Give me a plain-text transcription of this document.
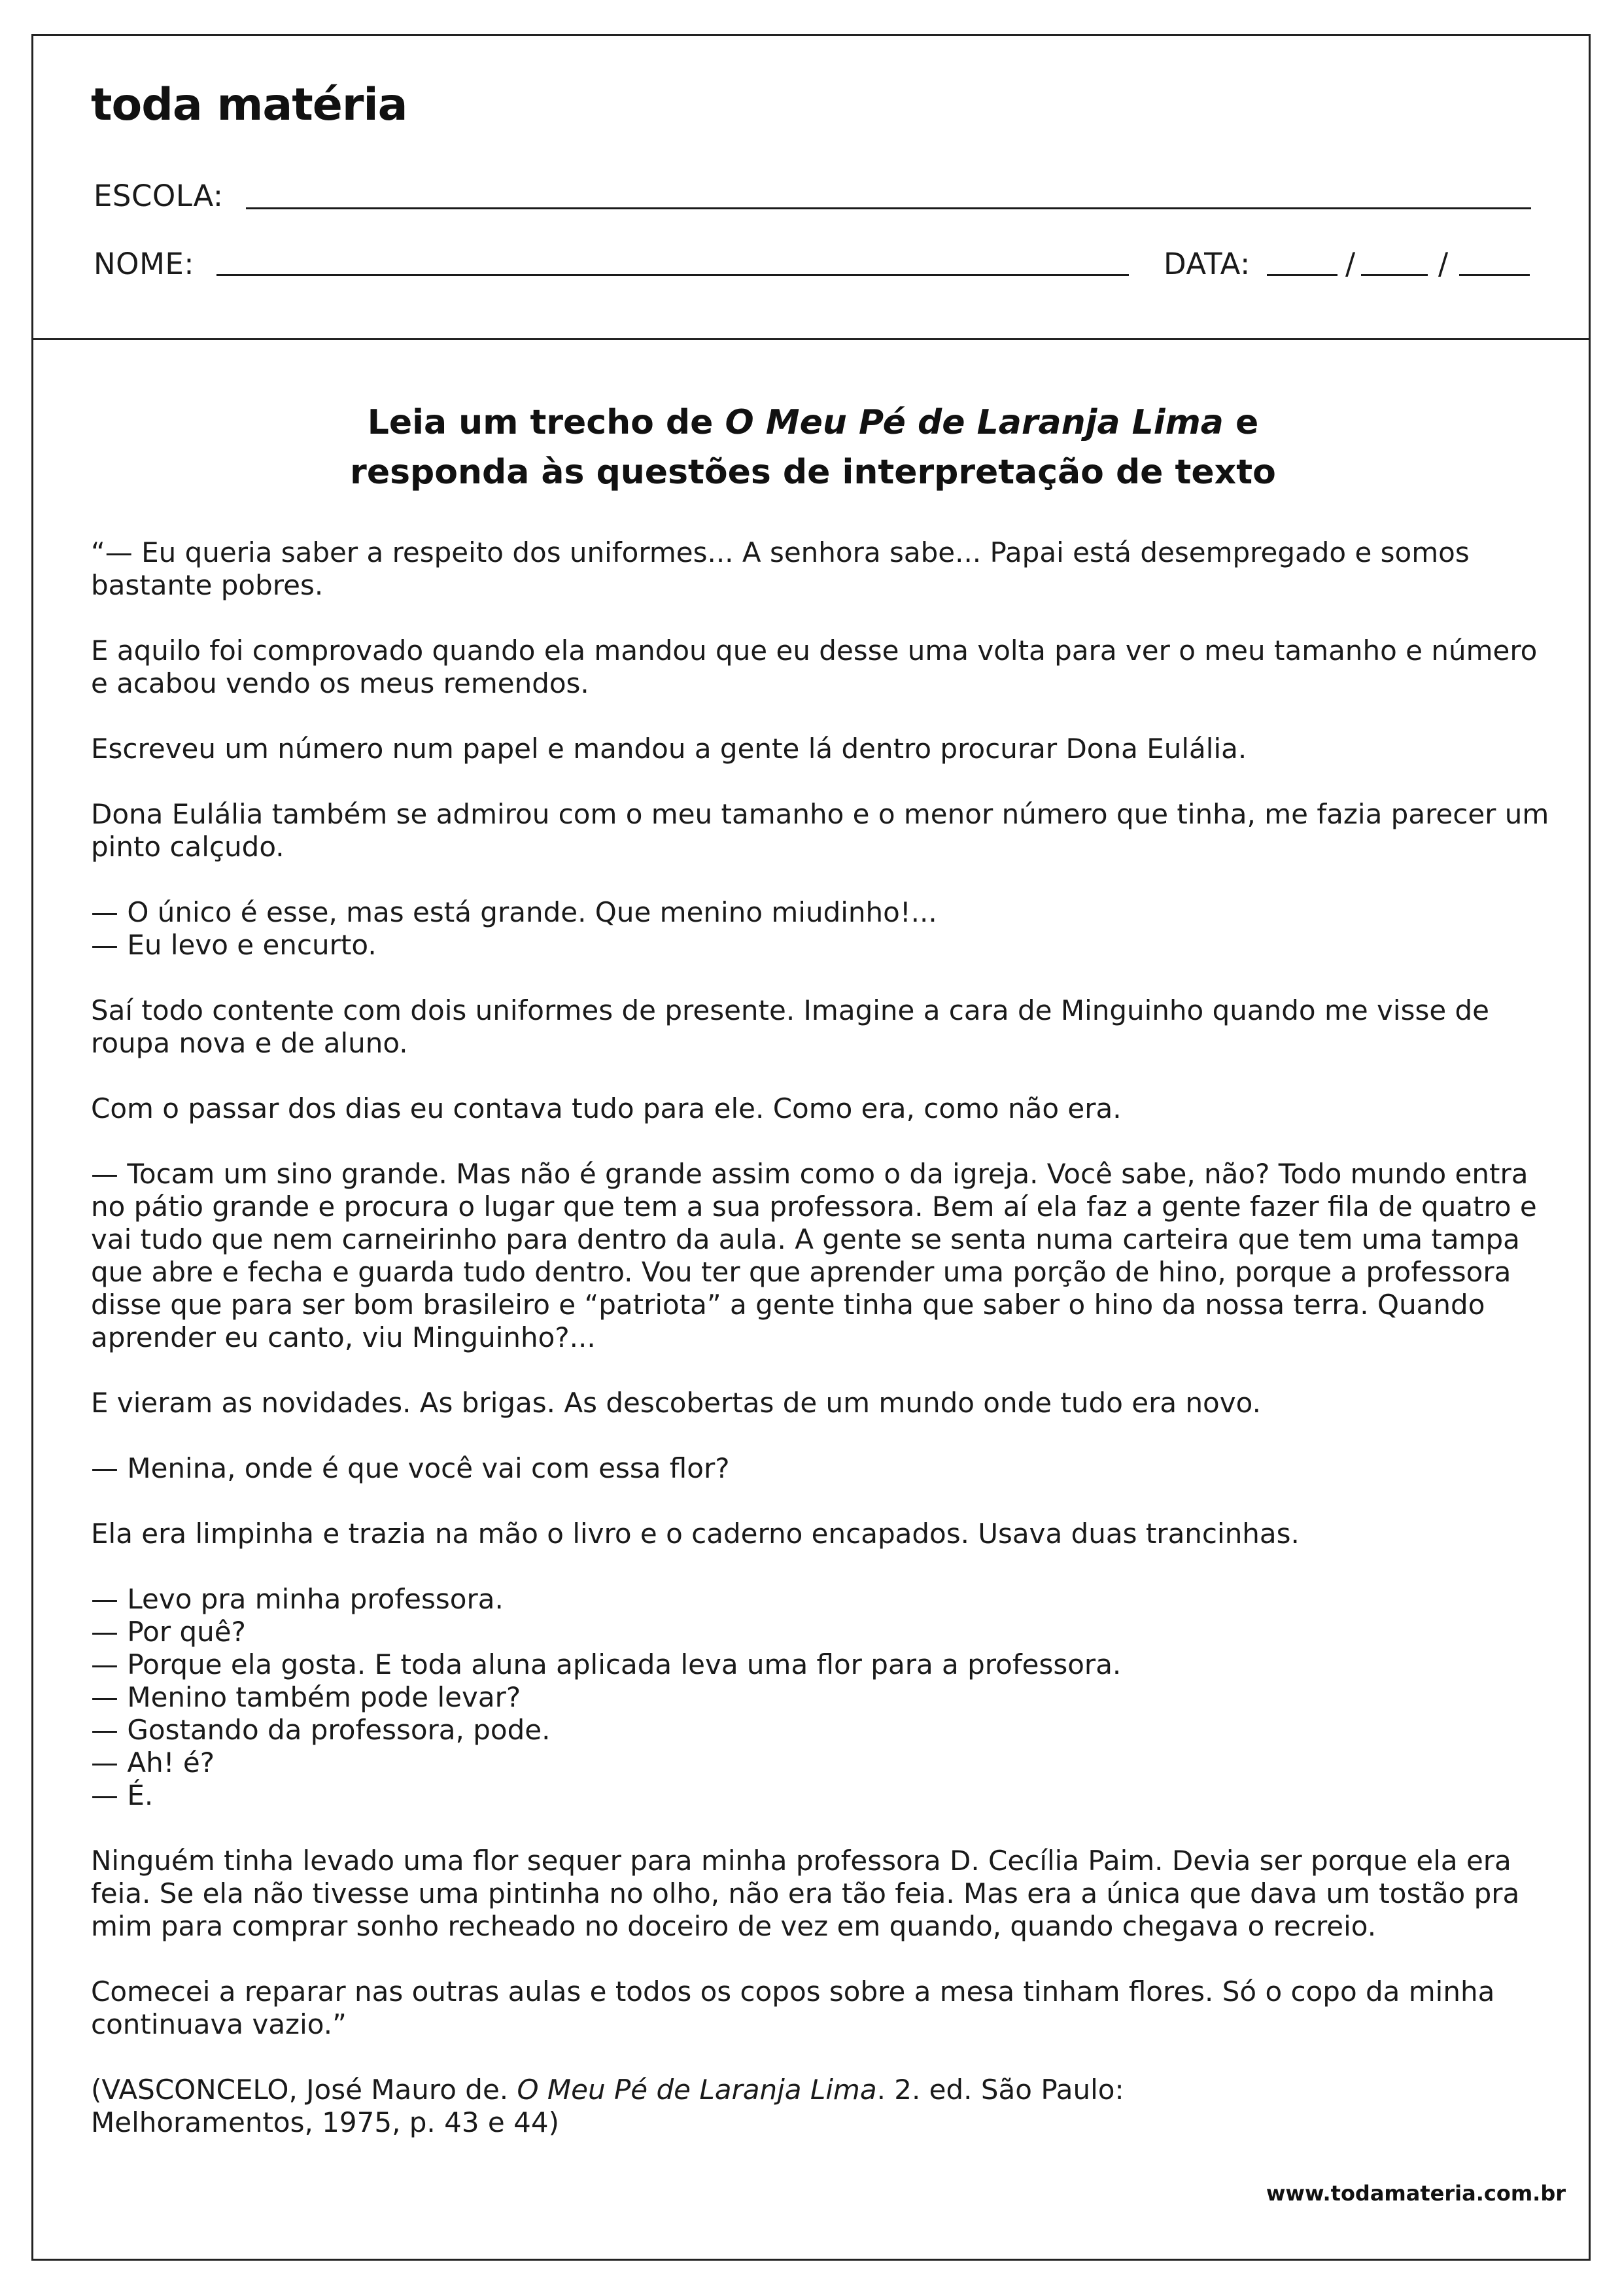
toda matéria
ESCOLA:
NOME:	DATA:	/	/
Leia um trecho de O Meu Pé de Laranja Lima e
responda às questões de interpretação de texto

“— Eu queria saber a respeito dos uniformes... A senhora sabe... Papai está desempregado e somos bastante pobres.

E aquilo foi comprovado quando ela mandou que eu desse uma volta para ver o meu tamanho e número e acabou vendo os meus remendos.

Escreveu um número num papel e mandou a gente lá dentro procurar Dona Eulália.

Dona Eulália também se admirou com o meu tamanho e o menor número que tinha, me fazia parecer um pinto calçudo.

— O único é esse, mas está grande. Que menino miudinho!...
— Eu levo e encurto.

Saí todo contente com dois uniformes de presente. Imagine a cara de Minguinho quando me visse de roupa nova e de aluno.

Com o passar dos dias eu contava tudo para ele. Como era, como não era.

— Tocam um sino grande. Mas não é grande assim como o da igreja. Você sabe, não? Todo mundo entra no pátio grande e procura o lugar que tem a sua professora. Bem aí ela faz a gente fazer fila de quatro e vai tudo que nem carneirinho para dentro da aula. A gente se senta numa carteira que tem uma tampa que abre e fecha e guarda tudo dentro. Vou ter que aprender uma porção de hino, porque a professora disse que para ser bom brasileiro e “patriota” a gente tinha que saber o hino da nossa terra. Quando aprender eu canto, viu Minguinho?...

E vieram as novidades. As brigas. As descobertas de um mundo onde tudo era novo.

— Menina, onde é que você vai com essa flor?

Ela era limpinha e trazia na mão o livro e o caderno encapados. Usava duas trancinhas.

— Levo pra minha professora.
— Por quê?
— Porque ela gosta. E toda aluna aplicada leva uma flor para a professora.
— Menino também pode levar?
— Gostando da professora, pode.
— Ah! é?
— É.

Ninguém tinha levado uma flor sequer para minha professora D. Cecília Paim. Devia ser porque ela era feia. Se ela não tivesse uma pintinha no olho, não era tão feia. Mas era a única que dava um tostão pra mim para comprar sonho recheado no doceiro de vez em quando, quando chegava o recreio.

Comecei a reparar nas outras aulas e todos os copos sobre a mesa tinham flores. Só o copo da minha continuava vazio.”

(VASCONCELO, José Mauro de. O Meu Pé de Laranja Lima. 2. ed. São Paulo:
Melhoramentos, 1975, p. 43 e 44)

www.todamateria.com.br
